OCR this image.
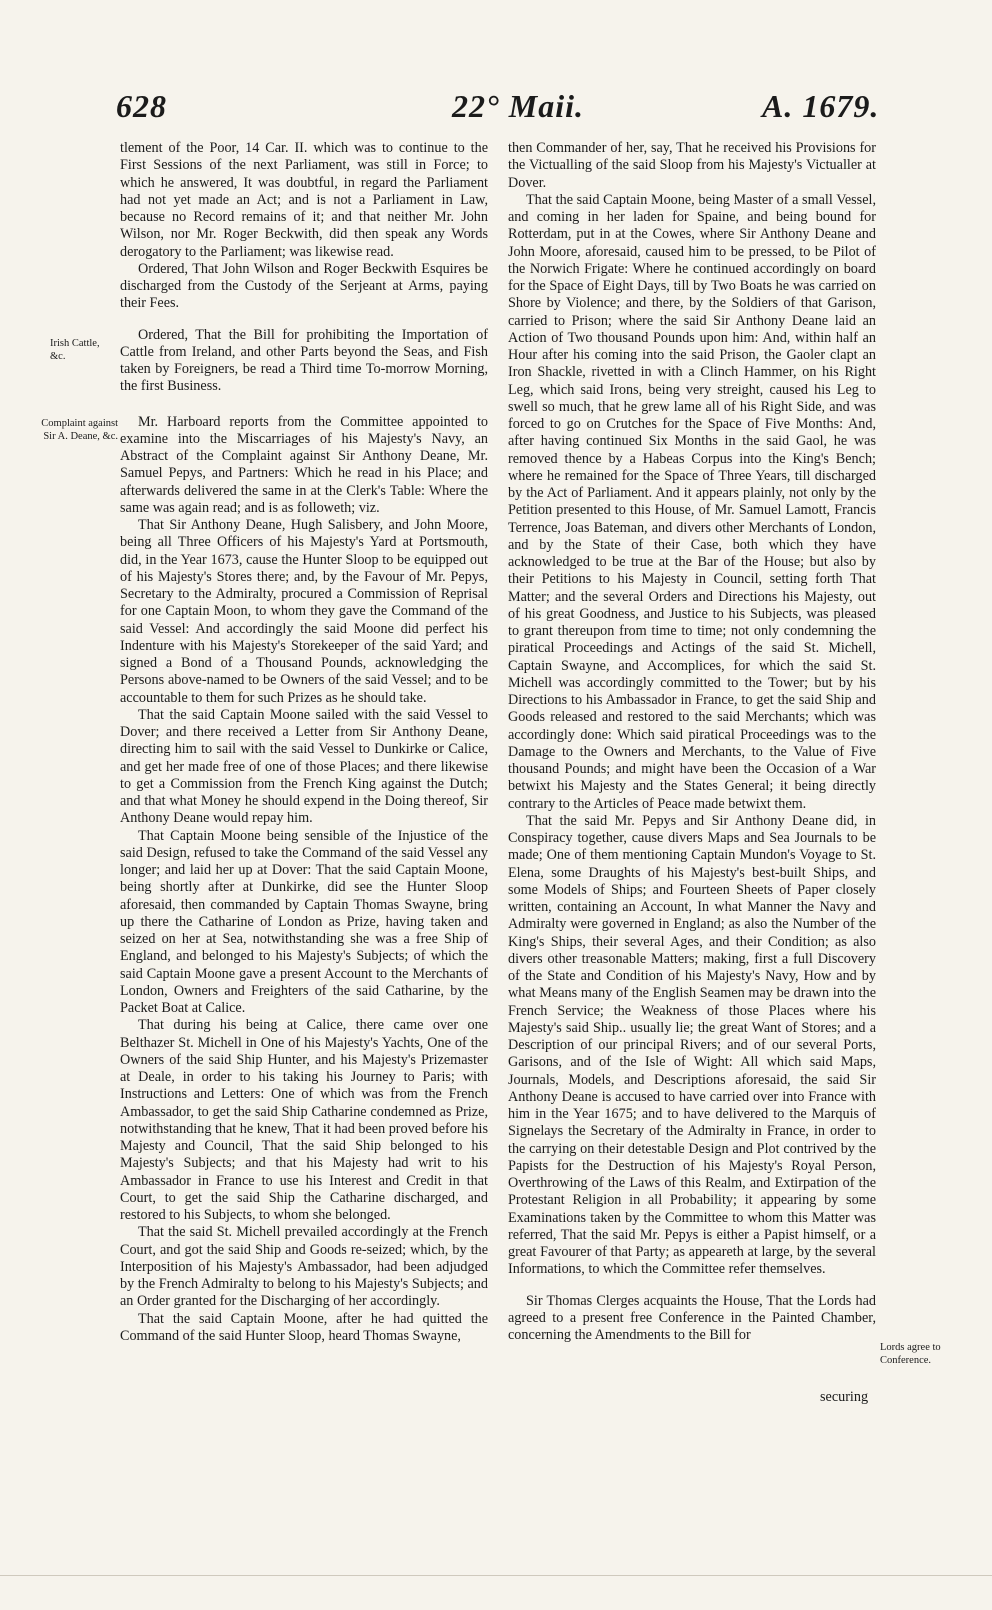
628	22° Maii.	A. 1679.
Irish Cattle, &c.
Complaint against Sir A. Deane, &c.
Lords agree to Conference.

tlement of the Poor, 14 Car. II. which was to continue to the First Sessions of the next Parliament, was still in Force; to which he answered, It was doubtful, in regard the Parliament had not yet made an Act; and is not a Parliament in Law, because no Record remains of it; and that neither Mr. John Wilson, nor Mr. Roger Beckwith, did then speak any Words derogatory to the Parliament; was likewise read.

Ordered, That John Wilson and Roger Beckwith Esquires be discharged from the Custody of the Serjeant at Arms, paying their Fees.

Ordered, That the Bill for prohibiting the Importation of Cattle from Ireland, and other Parts beyond the Seas, and Fish taken by Foreigners, be read a Third time To-morrow Morning, the first Business.

Mr. Harboard reports from the Committee appointed to examine into the Miscarriages of his Majesty's Navy, an Abstract of the Complaint against Sir Anthony Deane, Mr. Samuel Pepys, and Partners: Which he read in his Place; and afterwards delivered the same in at the Clerk's Table: Where the same was again read; and is as followeth; viz.

That Sir Anthony Deane, Hugh Salisbery, and John Moore, being all Three Officers of his Majesty's Yard at Portsmouth, did, in the Year 1673, cause the Hunter Sloop to be equipped out of his Majesty's Stores there; and, by the Favour of Mr. Pepys, Secretary to the Admiralty, procured a Commission of Reprisal for one Captain Moon, to whom they gave the Command of the said Vessel: And accordingly the said Moone did perfect his Indenture with his Majesty's Storekeeper of the said Yard; and signed a Bond of a Thousand Pounds, acknowledging the Persons above-named to be Owners of the said Vessel; and to be accountable to them for such Prizes as he should take.

That the said Captain Moone sailed with the said Vessel to Dover; and there received a Letter from Sir Anthony Deane, directing him to sail with the said Vessel to Dunkirke or Calice, and get her made free of one of those Places; and there likewise to get a Commission from the French King against the Dutch; and that what Money he should expend in the Doing thereof, Sir Anthony Deane would repay him.

That Captain Moone being sensible of the Injustice of the said Design, refused to take the Command of the said Vessel any longer; and laid her up at Dover: That the said Captain Moone, being shortly after at Dunkirke, did see the Hunter Sloop aforesaid, then commanded by Captain Thomas Swayne, bring up there the Catharine of London as Prize, having taken and seized on her at Sea, notwithstanding she was a free Ship of England, and belonged to his Majesty's Subjects; of which the said Captain Moone gave a present Account to the Merchants of London, Owners and Freighters of the said Catharine, by the Packet Boat at Calice.

That during his being at Calice, there came over one Belthazer St. Michell in One of his Majesty's Yachts, One of the Owners of the said Ship Hunter, and his Majesty's Prizemaster at Deale, in order to his taking his Journey to Paris; with Instructions and Letters: One of which was from the French Ambassador, to get the said Ship Catharine condemned as Prize, notwithstanding that he knew, That it had been proved before his Majesty and Council, That the said Ship belonged to his Majesty's Subjects; and that his Majesty had writ to his Ambassador in France to use his Interest and Credit in that Court, to get the said Ship the Catharine discharged, and restored to his Subjects, to whom she belonged.

That the said St. Michell prevailed accordingly at the French Court, and got the said Ship and Goods re-seized; which, by the Interposition of his Majesty's Ambassador, had been adjudged by the French Admiralty to belong to his Majesty's Subjects; and an Order granted for the Discharging of her accordingly.

That the said Captain Moone, after he had quitted the Command of the said Hunter Sloop, heard Thomas Swayne,

then Commander of her, say, That he received his Provisions for the Victualling of the said Sloop from his Majesty's Victualler at Dover.

That the said Captain Moone, being Master of a small Vessel, and coming in her laden for Spaine, and being bound for Rotterdam, put in at the Cowes, where Sir Anthony Deane and John Moore, aforesaid, caused him to be pressed, to be Pilot of the Norwich Frigate: Where he continued accordingly on board for the Space of Eight Days, till by Two Boats he was carried on Shore by Violence; and there, by the Soldiers of that Garison, carried to Prison; where the said Sir Anthony Deane laid an Action of Two thousand Pounds upon him: And, within half an Hour after his coming into the said Prison, the Gaoler clapt an Iron Shackle, rivetted in with a Clinch Hammer, on his Right Leg, which said Irons, being very streight, caused his Leg to swell so much, that he grew lame all of his Right Side, and was forced to go on Crutches for the Space of Five Months: And, after having continued Six Months in the said Gaol, he was removed thence by a Habeas Corpus into the King's Bench; where he remained for the Space of Three Years, till discharged by the Act of Parliament. And it appears plainly, not only by the Petition presented to this House, of Mr. Samuel Lamott, Francis Terrence, Joas Bateman, and divers other Merchants of London, and by the State of their Case, both which they have acknowledged to be true at the Bar of the House; but also by their Petitions to his Majesty in Council, setting forth That Matter; and the several Orders and Directions his Majesty, out of his great Goodness, and Justice to his Subjects, was pleased to grant thereupon from time to time; not only condemning the piratical Proceedings and Actings of the said St. Michell, Captain Swayne, and Accomplices, for which the said St. Michell was accordingly committed to the Tower; but by his Directions to his Ambassador in France, to get the said Ship and Goods released and restored to the said Merchants; which was accordingly done: Which said piratical Proceedings was to the Damage to the Owners and Merchants, to the Value of Five thousand Pounds; and might have been the Occasion of a War betwixt his Majesty and the States General; it being directly contrary to the Articles of Peace made betwixt them.

That the said Mr. Pepys and Sir Anthony Deane did, in Conspiracy together, cause divers Maps and Sea Journals to be made; One of them mentioning Captain Mundon's Voyage to St. Elena, some Draughts of his Majesty's best-built Ships, and some Models of Ships; and Fourteen Sheets of Paper closely written, containing an Account, In what Manner the Navy and Admiralty were governed in England; as also the Number of the King's Ships, their several Ages, and their Condition; as also divers other treasonable Matters; making, first a full Discovery of the State and Condition of his Majesty's Navy, How and by what Means many of the English Seamen may be drawn into the French Service; the Weakness of those Places where his Majesty's said Ship.. usually lie; the great Want of Stores; and a Description of our principal Rivers; and of our several Ports, Garisons, and of the Isle of Wight: All which said Maps, Journals, Models, and Descriptions aforesaid, the said Sir Anthony Deane is accused to have carried over into France with him in the Year 1675; and to have delivered to the Marquis of Signelays the Secretary of the Admiralty in France, in order to the carrying on their detestable Design and Plot contrived by the Papists for the Destruction of his Majesty's Royal Person, Overthrowing of the Laws of this Realm, and Extirpation of the Protestant Religion in all Probability; it appearing by some Examinations taken by the Committee to whom this Matter was referred, That the said Mr. Pepys is either a Papist himself, or a great Favourer of that Party; as appeareth at large, by the several Informations, to which the Committee refer themselves.

Sir Thomas Clerges acquaints the House, That the Lords had agreed to a present free Conference in the Painted Chamber, concerning the Amendments to the Bill for

securing
